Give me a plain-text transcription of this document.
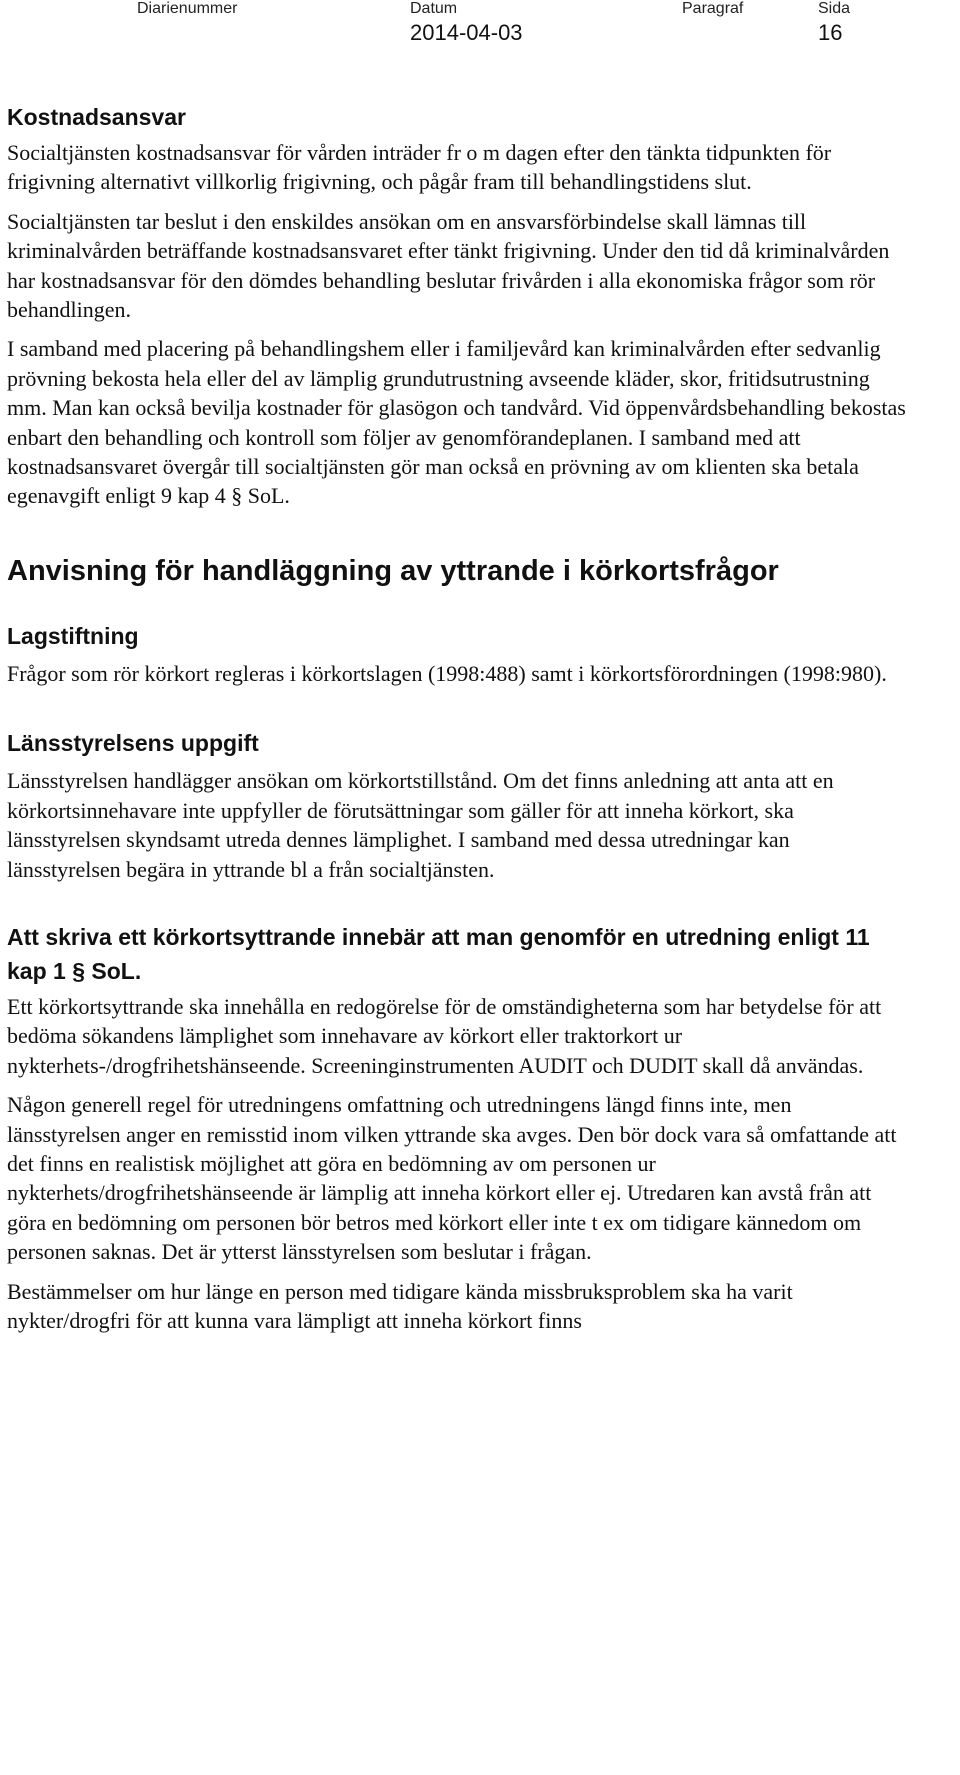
Diarienummer	Datum
2014-04-03
Paragraf	Sida
16
Kostnadsansvar

Socialtjänsten kostnadsansvar för vården inträder fr o m dagen efter den tänkta tidpunkten för frigivning alternativt villkorlig frigivning, och pågår fram till behandlingstidens slut.

Socialtjänsten tar beslut i den enskildes ansökan om en ansvarsförbindelse skall lämnas till kriminalvården beträffande kostnadsansvaret efter tänkt frigivning. Under den tid då kriminalvården har kostnadsansvar för den dömdes behandling beslutar frivården i alla ekonomiska frågor som rör behandlingen.

I samband med placering på behandlingshem eller i familjevård kan kriminalvården efter sedvanlig prövning bekosta hela eller del av lämplig grundutrustning avseende kläder, skor, fritidsutrustning mm. Man kan också bevilja kostnader för glasögon och tandvård. Vid öppenvårdsbehandling bekostas enbart den behandling och kontroll som följer av genomförandeplanen. I samband med att kostnadsansvaret övergår till socialtjänsten gör man också en prövning av om klienten ska betala egenavgift enligt 9 kap 4 § SoL.

Anvisning för handläggning av yttrande i körkortsfrågor
Lagstiftning

Frågor som rör körkort regleras i körkortslagen (1998:488) samt i körkortsförordningen (1998:980).

Länsstyrelsens uppgift

Länsstyrelsen handlägger ansökan om körkortstillstånd. Om det finns anledning att anta att en körkortsinnehavare inte uppfyller de förutsättningar som gäller för att inneha körkort, ska länsstyrelsen skyndsamt utreda dennes lämplighet. I samband med dessa utredningar kan länsstyrelsen begära in yttrande bl a från socialtjänsten.

Att skriva ett körkortsyttrande innebär att man genomför en utredning enligt 11 kap 1 § SoL.

Ett körkortsyttrande ska innehålla en redogörelse för de omständigheterna som har betydelse för att bedöma sökandens lämplighet som innehavare av körkort eller traktorkort ur nykterhets-/drogfrihetshänseende. Screeninginstrumenten AUDIT och DUDIT skall då användas.

Någon generell regel för utredningens omfattning och utredningens längd finns inte, men länsstyrelsen anger en remisstid inom vilken yttrande ska avges. Den bör dock vara så omfattande att det finns en realistisk möjlighet att göra en bedömning av om personen ur nykterhets/drogfrihetshänseende är lämplig att inneha körkort eller ej. Utredaren kan avstå från att göra en bedömning om personen bör betros med körkort eller inte t ex om tidigare kännedom om personen saknas. Det är ytterst länsstyrelsen som beslutar i frågan.

Bestämmelser om hur länge en person med tidigare kända missbruksproblem ska ha varit nykter/drogfri för att kunna vara lämpligt att inneha körkort finns
